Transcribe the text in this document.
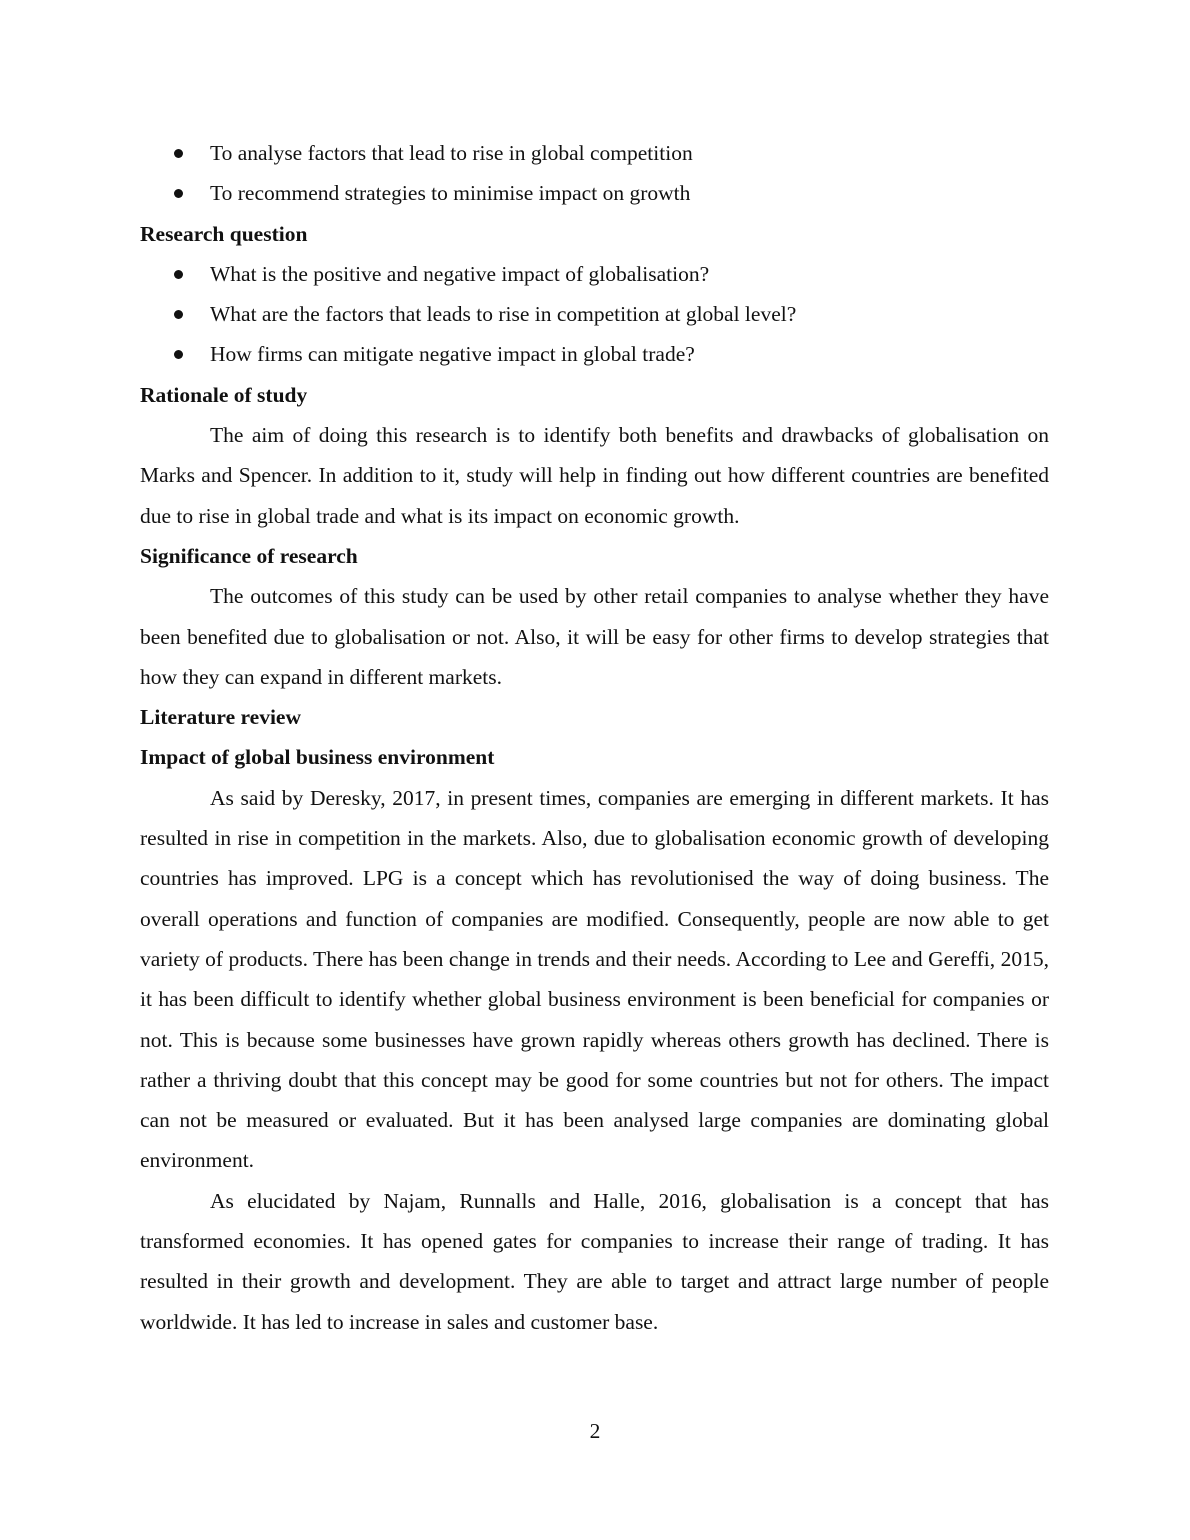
To analyse factors that lead to rise in global competition
To recommend strategies to minimise impact on growth
Research question
What is the positive and negative impact of globalisation?
What are the factors that leads to rise in competition at global level?
How firms can mitigate negative impact in global trade?
Rationale of study

The aim of doing this research is to identify both benefits and drawbacks of globalisation on Marks and Spencer. In addition to it, study will help in finding out how different countries are benefited due to rise in global trade and what is its impact on economic growth.

Significance of research

The outcomes of this study can be used by other retail companies to analyse whether they have been benefited due to globalisation or not. Also, it will be easy for other firms to develop strategies that how they can expand in different markets.

Literature review
Impact of global business environment

As said by Deresky, 2017, in present times, companies are emerging in different markets. It has resulted in rise in competition in the markets. Also, due to globalisation economic growth of developing countries has improved. LPG is a concept which has revolutionised the way of doing business. The overall operations and function of companies are modified. Consequently, people are now able to get variety of products. There has been change in trends and their needs. According to Lee and Gereffi, 2015, it has been difficult to identify whether global business environment is been beneficial for companies or not. This is because some businesses have grown rapidly whereas others growth has declined. There is rather a thriving doubt that this concept may be good for some countries but not for others. The impact can not be measured or evaluated. But it has been analysed large companies are dominating global environment.

As elucidated by Najam, Runnalls and Halle, 2016, globalisation is a concept that has transformed economies. It has opened gates for companies to increase their range of trading. It has resulted in their growth and development. They are able to target and attract large number of people worldwide. It has led to increase in sales and customer base.

2
